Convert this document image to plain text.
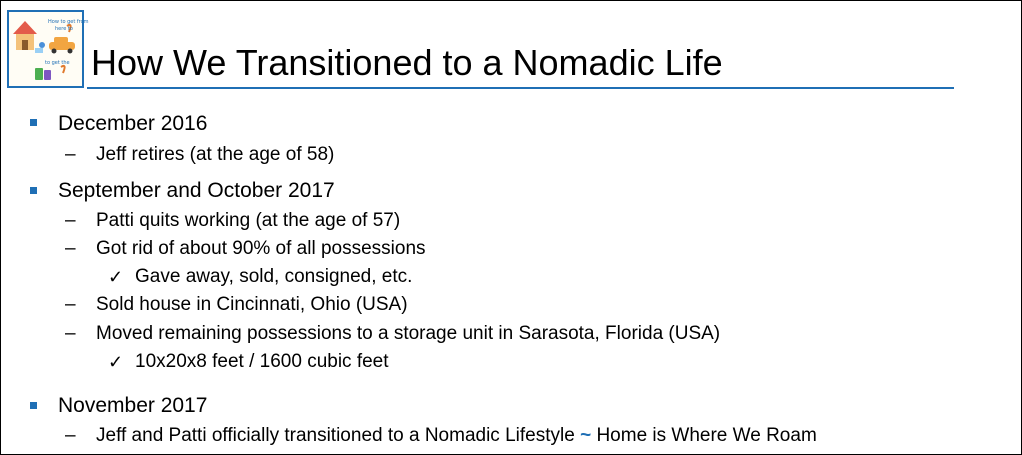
How to get from
here to
to get the How We Transitioned to a Nomadic Life
December 2016
– Jeff retires (at the age of 58)
September and October 2017
– Patti quits working (at the age of 57)
– Got rid of about 90% of all possessions
✓ Gave away, sold, consigned, etc.
– Sold house in Cincinnati, Ohio (USA)
– Moved remaining possessions to a storage unit in Sarasota, Florida (USA)
✓ 10x20x8 feet / 1600 cubic feet
November 2017
– Jeff and Patti officially transitioned to a Nomadic Lifestyle ~ Home is Where We Roam
